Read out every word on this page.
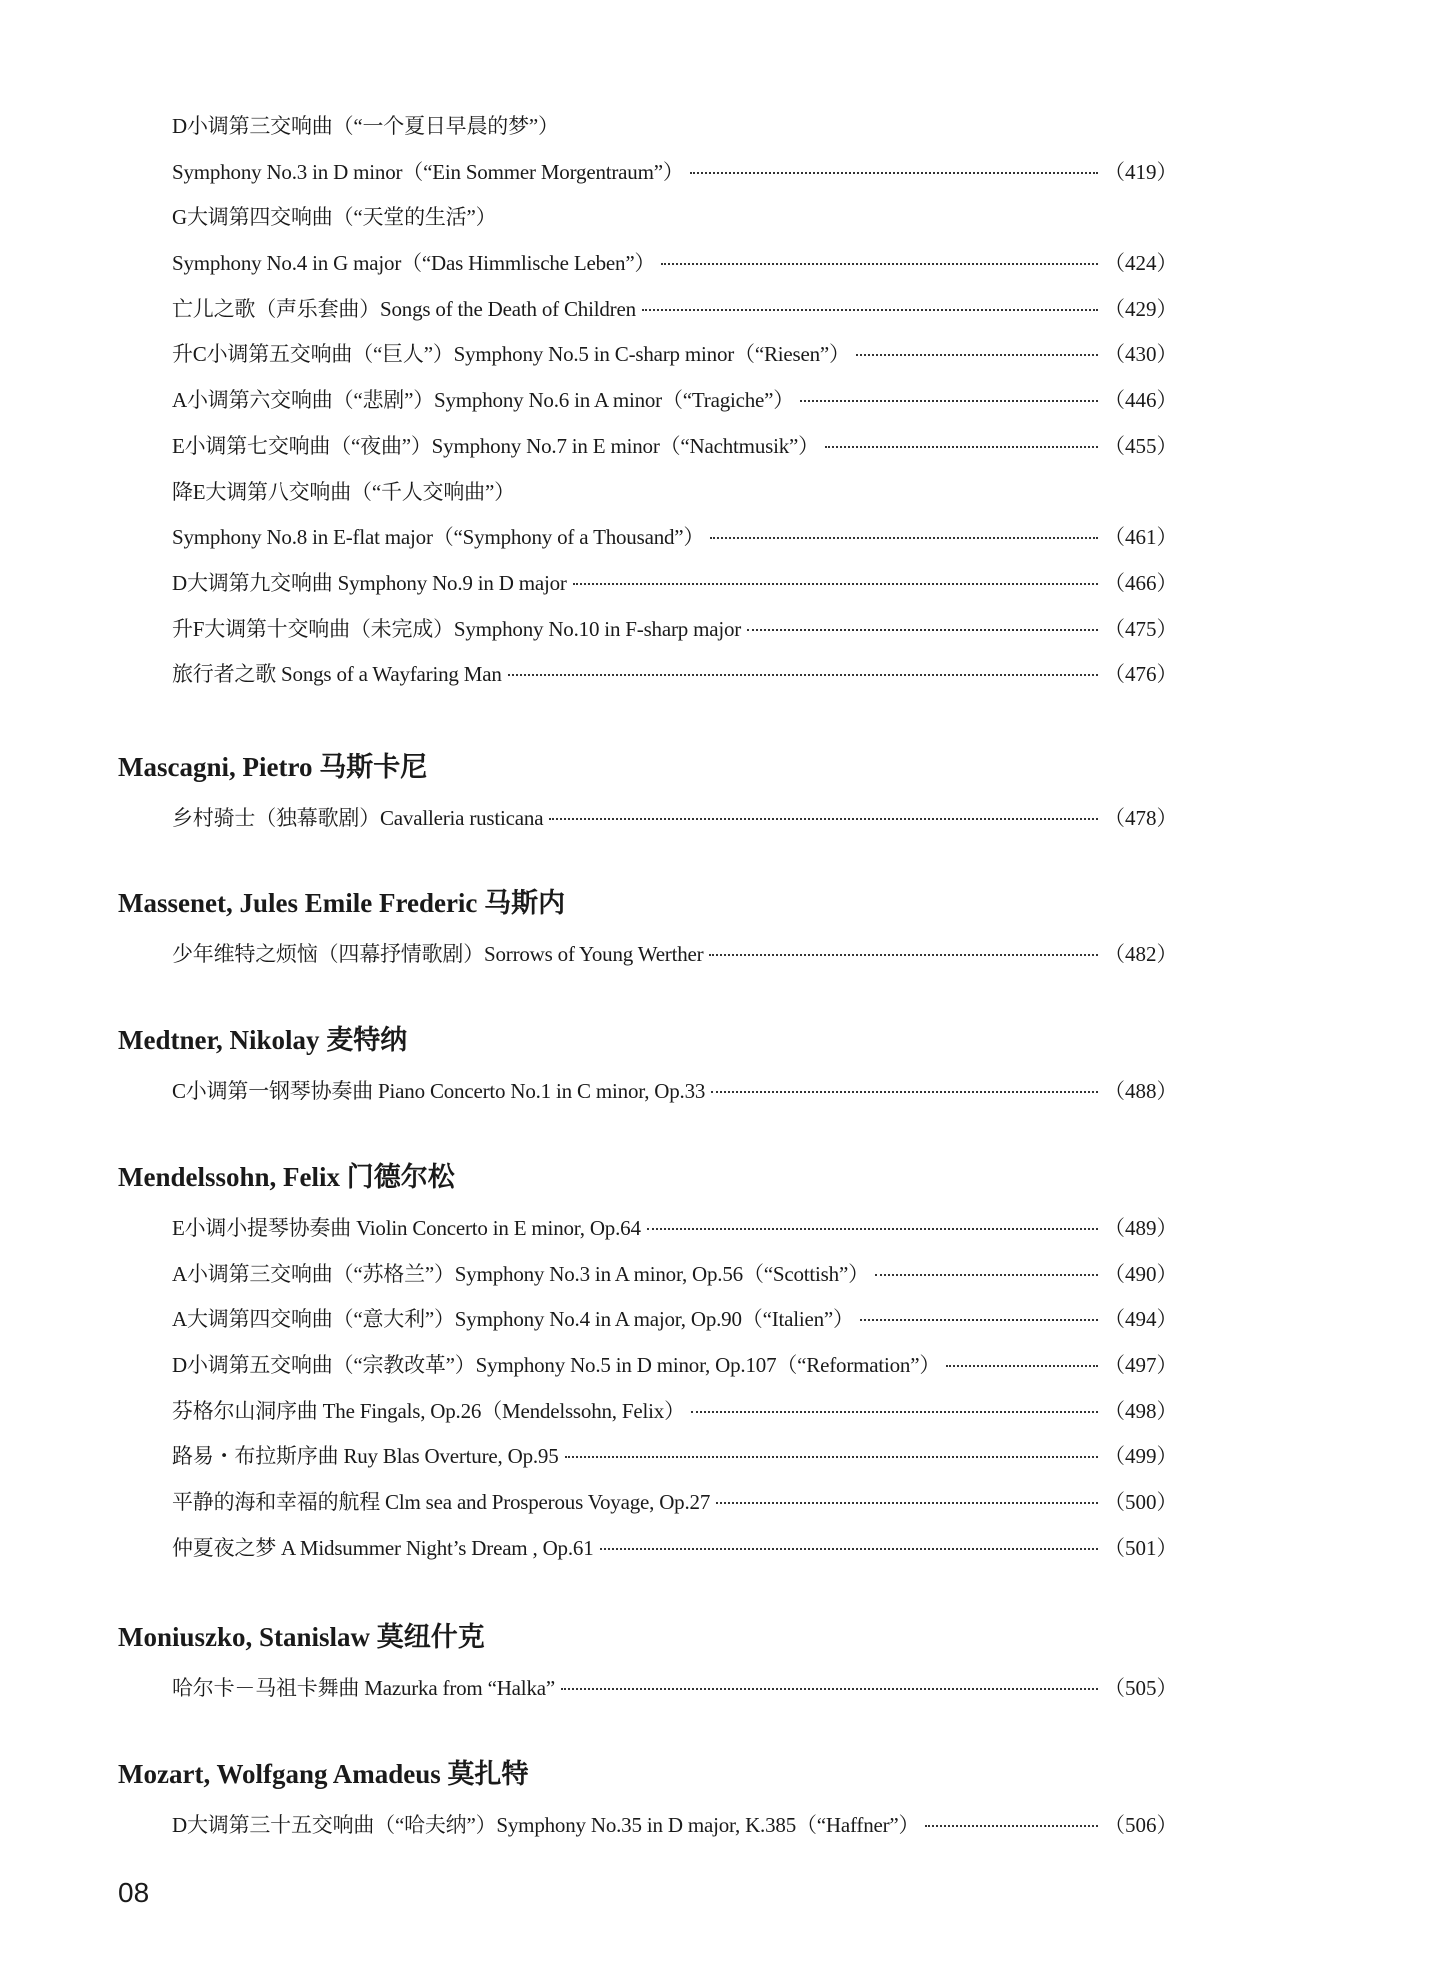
D小调第三交响曲（“一个夏日早晨的梦”）
Symphony No.3 in D minor（“Ein Sommer Morgentraum”）	（419）
G大调第四交响曲（“天堂的生活”）
Symphony No.4 in G major（“Das Himmlische Leben”）	（424）
亡儿之歌（声乐套曲）Songs of the Death of Children	（429）
升C小调第五交响曲（“巨人”）Symphony No.5 in C-sharp minor（“Riesen”）	（430）
A小调第六交响曲（“悲剧”）Symphony No.6 in A minor（“Tragiche”）	（446）
E小调第七交响曲（“夜曲”）Symphony No.7 in E minor（“Nachtmusik”）	（455）
降E大调第八交响曲（“千人交响曲”）
Symphony No.8 in E-flat major（“Symphony of a Thousand”）	（461）
D大调第九交响曲 Symphony No.9 in D major	（466）
升F大调第十交响曲（未完成）Symphony No.10 in F-sharp major	（475）
旅行者之歌 Songs of a Wayfaring Man	（476）
Mascagni, Pietro 马斯卡尼
乡村骑士（独幕歌剧）Cavalleria rusticana	（478）
Massenet, Jules Emile Frederic 马斯内
少年维特之烦恼（四幕抒情歌剧）Sorrows of Young Werther	（482）
Medtner, Nikolay 麦特纳
C小调第一钢琴协奏曲 Piano Concerto No.1 in C minor, Op.33	（488）
Mendelssohn, Felix 门德尔松
E小调小提琴协奏曲 Violin Concerto in E minor, Op.64	（489）
A小调第三交响曲（“苏格兰”）Symphony No.3 in A minor, Op.56（“Scottish”）	（490）
A大调第四交响曲（“意大利”）Symphony No.4 in A major, Op.90（“Italien”）	（494）
D小调第五交响曲（“宗教改革”）Symphony No.5 in D minor, Op.107（“Reformation”）	（497）
芬格尔山洞序曲 The Fingals, Op.26（Mendelssohn, Felix）	（498）
路易・布拉斯序曲 Ruy Blas Overture, Op.95	（499）
平静的海和幸福的航程 Clm sea and Prosperous Voyage, Op.27	（500）
仲夏夜之梦 A Midsummer Night’s Dream , Op.61	（501）
Moniuszko, Stanislaw 莫纽什克
哈尔卡－马祖卡舞曲 Mazurka from “Halka”	（505）
Mozart, Wolfgang Amadeus 莫扎特
D大调第三十五交响曲（“哈夫纳”）Symphony No.35 in D major, K.385（“Haffner”）	（506）
08
